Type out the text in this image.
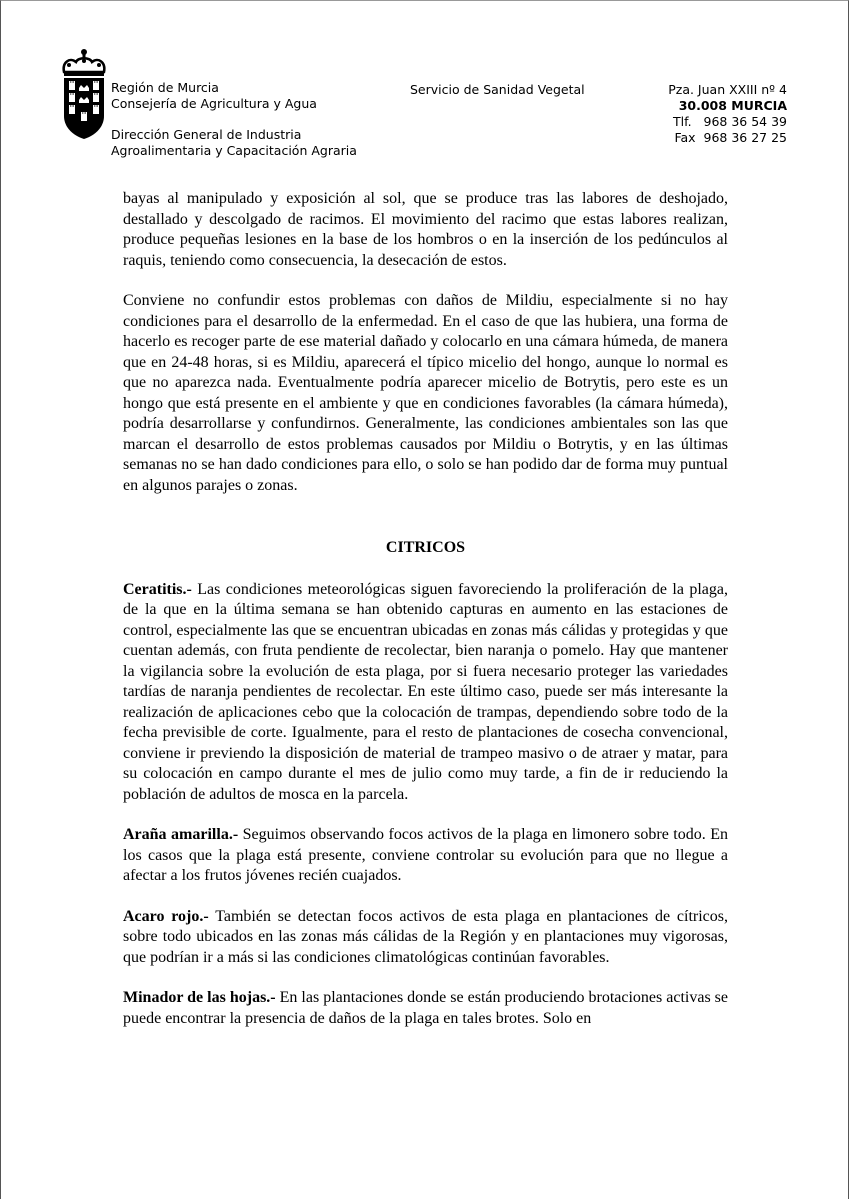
Región de Murcia
Consejería de Agricultura y Agua
Dirección General de Industria
Agroalimentaria y Capacitación Agraria
Servicio de Sanidad Vegetal	Pza. Juan XXIII nº 4
30.008 MURCIA
Tlf.   968 36 54 39
Fax  968 36 27 25

bayas al manipulado y exposición al sol, que se produce tras las labores de deshojado, destallado y descolgado de racimos. El movimiento del racimo que estas labores realizan, produce pequeñas lesiones en la base de los hombros o en la inserción de los pedúnculos al raquis, teniendo como consecuencia, la desecación de estos.

Conviene no confundir estos problemas con daños de Mildiu, especialmente si no hay condiciones para el desarrollo de la enfermedad. En el caso de que las hubiera, una forma de hacerlo es recoger parte de ese material dañado y colocarlo en una cámara húmeda, de manera que en 24-48 horas, si es Mildiu, aparecerá el típico micelio del hongo, aunque lo normal es que no aparezca nada. Eventualmente podría aparecer micelio de Botrytis, pero este es un hongo que está presente en el ambiente y que en condiciones favorables (la cámara húmeda), podría desarrollarse y confundirnos. Generalmente, las condiciones ambientales son las que marcan el desarrollo de estos problemas causados por Mildiu o Botrytis, y en las últimas semanas no se han dado condiciones para ello, o solo se han podido dar de forma muy puntual en algunos parajes o zonas.

CITRICOS

Ceratitis.- Las condiciones meteorológicas siguen favoreciendo la proliferación de la plaga, de la que en la última semana se han obtenido capturas en aumento en las estaciones de control, especialmente las que se encuentran ubicadas en zonas más cálidas y protegidas y que cuentan además, con fruta pendiente de recolectar, bien naranja o pomelo. Hay que mantener la vigilancia sobre la evolución de esta plaga, por si fuera necesario proteger las variedades tardías de naranja pendientes de recolectar. En este último caso, puede ser más interesante la realización de aplicaciones cebo que la colocación de trampas, dependiendo sobre todo de la fecha previsible de corte. Igualmente, para el resto de plantaciones de cosecha convencional, conviene ir previendo la disposición de material de trampeo masivo o de atraer y matar, para su colocación en campo durante el mes de julio como muy tarde, a fin de ir reduciendo la población de adultos de mosca en la parcela.

Araña amarilla.- Seguimos observando focos activos de la plaga en limonero sobre todo. En los casos que la plaga está presente, conviene controlar su evolución para que no llegue a afectar a los frutos jóvenes recién cuajados.

Acaro rojo.- También se detectan focos activos de esta plaga en plantaciones de cítricos, sobre todo ubicados en las zonas más cálidas de la Región y en plantaciones muy vigorosas, que podrían ir a más si las condiciones climatológicas continúan favorables.

Minador de las hojas.- En las plantaciones donde se están produciendo brotaciones activas se puede encontrar la presencia de daños de la plaga en tales brotes. Solo en
